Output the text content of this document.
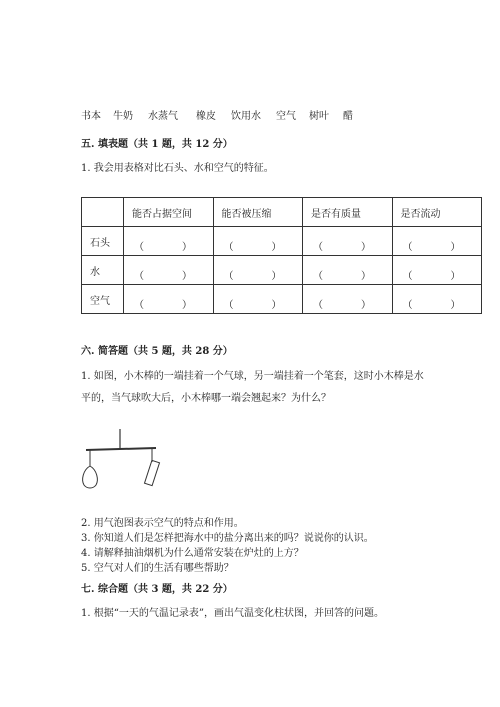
书本 牛奶 水蒸气 橡皮 饮用水 空气 树叶 醋
五. 填表题（共 1 题，共 12 分）
1. 我会用表格对比石头、水和空气的特征。
	能否占据空间	能否被压缩	是否有质量	是否流动
石头	（ ）	（ ）	（ ）	（ ）

水	（ ）	（ ）	（ ）	（ ）

空气	（ ）	（ ）	（ ）	（ ）
六. 简答题（共 5 题，共 28 分）
1. 如图，小木棒的一端挂着一个气球，另一端挂着一个笔套，这时小木棒是水
平的，当气球吹大后，小木棒哪一端会翘起来？为什么？
2. 用气泡图表示空气的特点和作用。
3. 你知道人们是怎样把海水中的盐分离出来的吗？说说你的认识。
4. 请解释抽油烟机为什么通常安装在炉灶的上方？
5. 空气对人们的生活有哪些帮助？
七. 综合题（共 3 题，共 22 分）
1. 根据“一天的气温记录表”，画出气温变化柱状图，并回答的问题。
